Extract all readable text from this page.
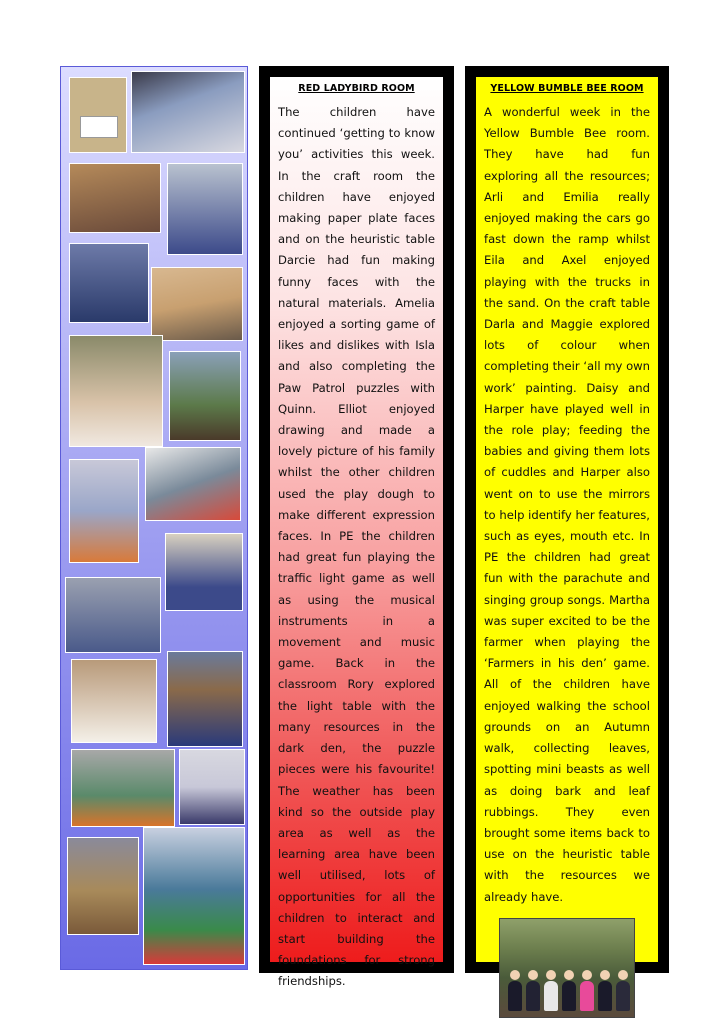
RED LADYBIRD ROOM

The children have continued ‘getting to know you’ activities this week. In the craft room the children have enjoyed making paper plate faces and on the heuristic table Darcie had fun making funny faces with the natural materials. Amelia enjoyed a sorting game of likes and dislikes with Isla and also completing the Paw Patrol puzzles with Quinn. Elliot enjoyed drawing and made a lovely picture of his family whilst the other children used the play dough to make different expression faces. In PE the children had great fun playing the traffic light game as well as using the musical instruments in a movement and music game. Back in the classroom Rory explored the light table with the many resources in the dark den, the puzzle pieces were his favourite! The weather has been kind so the outside play area as well as the learning area have been well utilised, lots of opportunities for all the children to interact and start building the foundations for strong friendships.

YELLOW BUMBLE BEE ROOM

A wonderful week in the Yellow Bumble Bee room. They have had fun exploring all the resources; Arli and Emilia really enjoyed making the cars go fast down the ramp whilst Eila and Axel enjoyed playing with the trucks in the sand. On the craft table Darla and Maggie explored lots of colour when completing their ‘all my own work’ painting. Daisy and Harper have played well in the role play; feeding the babies and giving them lots of cuddles and Harper also went on to use the mirrors to help identify her features, such as eyes, mouth etc. In PE the children had great fun with the parachute and singing group songs. Martha was super excited to be the farmer when playing the ‘Farmers in his den’ game. All of the children have enjoyed walking the school grounds on an Autumn walk, collecting leaves, spotting mini beasts as well as doing bark and leaf rubbings. They even brought some items back to use on the heuristic table with the resources we already have.
